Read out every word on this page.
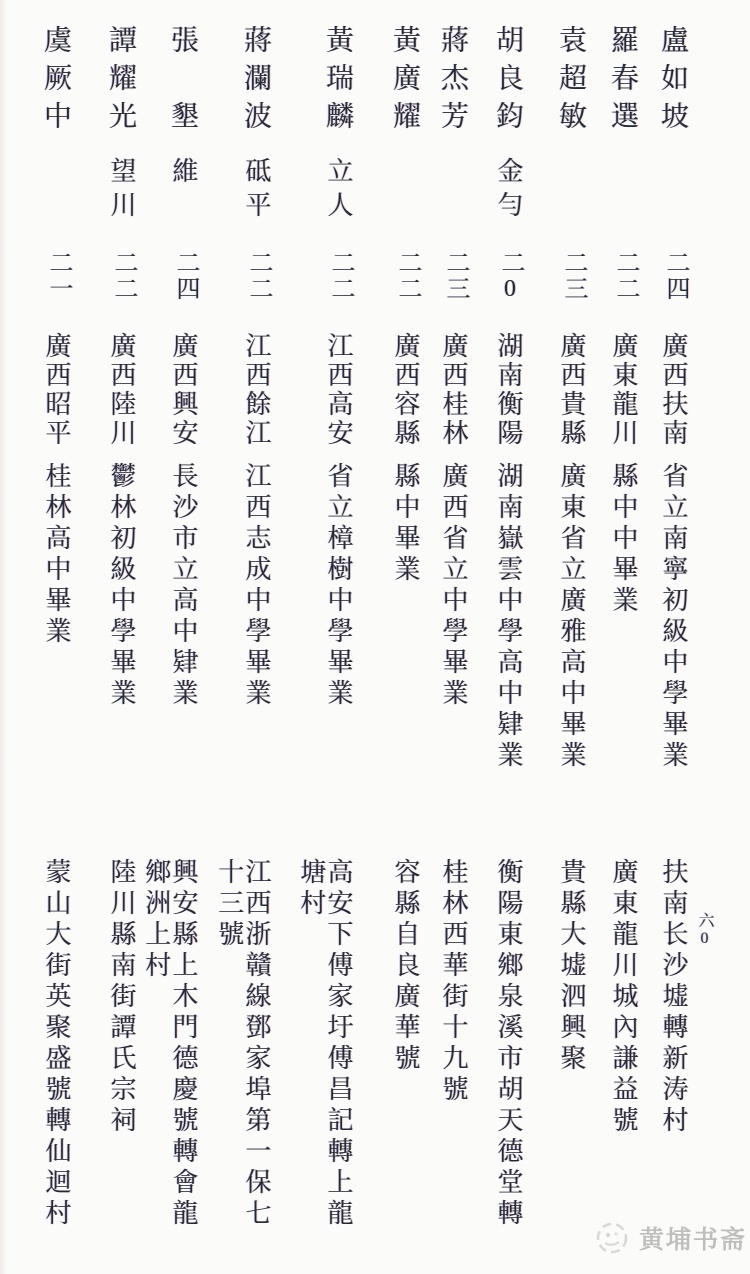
盧如坡
二四
廣西扶南
省立南寧初級中學畢業
扶南长沙墟轉新涛村
羅春選
二二
廣東龍川
縣中中畢業
廣東龍川城內謙益號
袁超敏
二三
廣西貴縣
廣東省立廣雅高中畢業
貴縣大墟泗興聚
胡良鈞
金勻
二0
湖南衡陽
湖南嶽雲中學高中肄業
衡陽東鄉泉溪市胡天德堂轉
蔣杰芳
二三
廣西桂林
廣西省立中學畢業
桂林西華街十九號
黃廣耀
二二
廣西容縣
縣中畢業
容縣自良廣華號
黃瑞麟
立人
二二
江西高安
省立樟樹中學畢業
高安下傅家圩傅昌記轉上龍塘村
蔣瀾波
砥平
二二
江西餘江
江西志成中學畢業
江西浙贛線鄧家埠第一保七十三號
張　墾
維
二四
廣西興安
長沙市立高中肄業
興安縣上木門德慶號轉會龍鄉洲上村
譚耀光
望川
二二
廣西陸川
鬱林初級中學畢業
陸川縣南街譚氏宗祠
虞厥中
二一
廣西昭平
桂林高中畢業
蒙山大街英聚盛號轉仙迴村	六0
黄埔书斋
